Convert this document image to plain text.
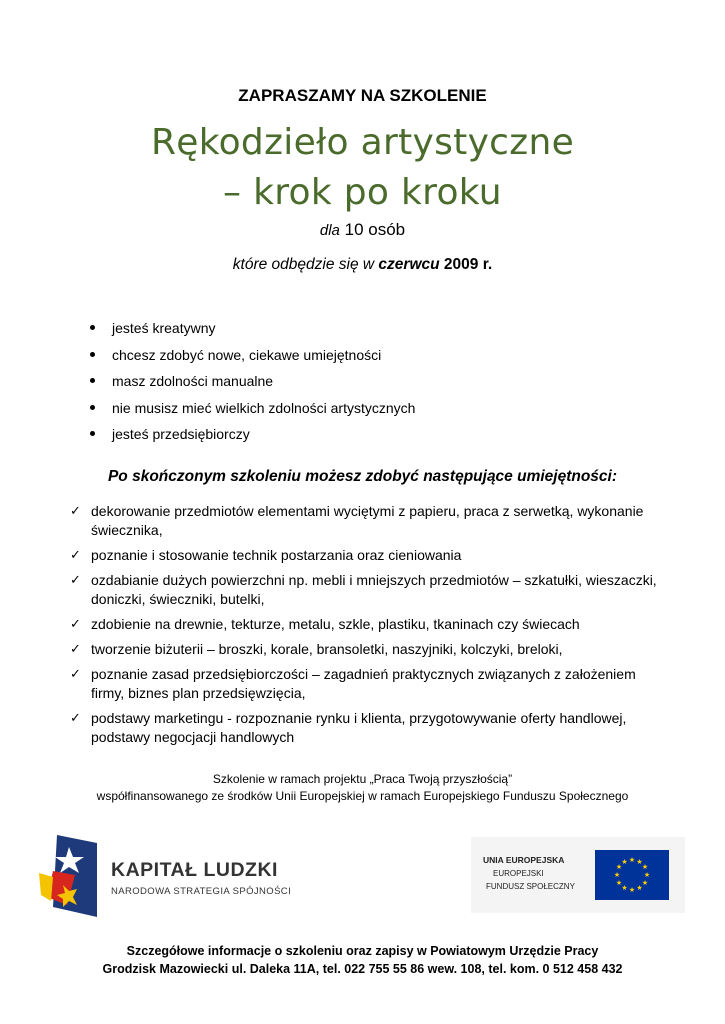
ZAPRASZAMY NA SZKOLENIE
Rękodzieło artystyczne
– krok po kroku
dla 10 osób
które odbędzie się w czerwcu 2009 r.
jesteś kreatywny
chcesz zdobyć nowe, ciekawe umiejętności
masz zdolności manualne
nie musisz mieć wielkich zdolności artystycznych
jesteś przedsiębiorczy
Po skończonym szkoleniu możesz zdobyć następujące umiejętności:
✓ dekorowanie przedmiotów elementami wyciętymi z papieru, praca z serwetką, wykonanie świecznika,
✓ poznanie i stosowanie technik postarzania oraz cieniowania
✓ ozdabianie dużych powierzchni np. mebli i mniejszych przedmiotów – szkatułki, wieszaczki, doniczki, świeczniki, butelki,
✓ zdobienie na drewnie, tekturze, metalu, szkle, plastiku, tkaninach czy świecach
✓ tworzenie biżuterii – broszki, korale, bransoletki, naszyjniki, kolczyki, breloki,
✓ poznanie zasad przedsiębiorczości – zagadnień praktycznych związanych z założeniem firmy, biznes plan przedsięwzięcia,
✓ podstawy marketingu - rozpoznanie rynku i klienta, przygotowywanie oferty handlowej, podstawy negocjacji handlowych
Szkolenie w ramach projektu „Praca Twoją przyszłością”
współfinansowanego ze środków Unii Europejskiej w ramach Europejskiego Funduszu Społecznego
KAPITAŁ LUDZKI
NARODOWA STRATEGIA SPÓJNOŚCI
UNIA EUROPEJSKA
EUROPEJSKI
FUNDUSZ SPOŁECZNY
★ ★
★
★
★
★
★
★
★
★
★
★
Szczegółowe informacje o szkoleniu oraz zapisy w Powiatowym Urzędzie Pracy
Grodzisk Mazowiecki ul. Daleka 11A, tel. 022 755 55 86 wew. 108, tel. kom. 0 512 458 432
